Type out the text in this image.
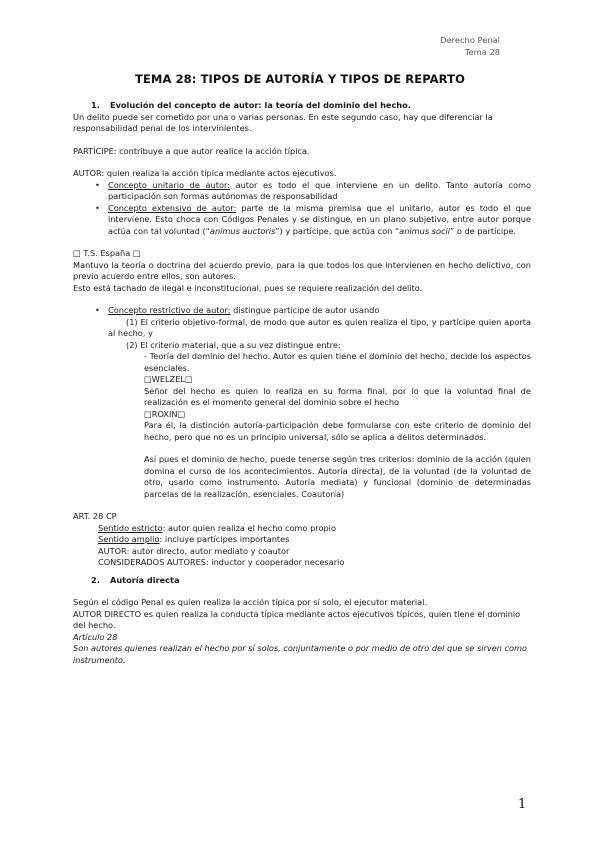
Derecho Penal
Tema 28
TEMA 28: TIPOS DE AUTORÍA Y TIPOS DE REPARTO

1. Evolución del concepto de autor: la teoría del dominio del hecho.

Un delito puede ser cometido por una o varias personas. En este segundo caso, hay que diferenciar la responsabilidad penal de los intervinientes.

PARTÍCIPE: contribuye a que autor realice la acción típica.

AUTOR: quien realiza la acción típica mediante actos ejecutivos.

• Concepto unitario de autor: autor es todo el que interviene en un delito. Tanto autoría como participación son formas autónomas de responsabilidad
• Concepto extensivo de autor: parte de la misma premisa que el unitario, autor es todo el que interviene. Esto choca con Códigos Penales y se distingue, en un plano subjetivo, entre autor porque actúa con tal voluntad (“animus auctoris”) y partícipe, que actúa con “animus socii” o de partícipe.

□ T.S. España □

Mantuvo la teoría o doctrina del acuerdo previo, para la que todos los que intervienen en hecho delictivo, con previo acuerdo entre ellos, son autores.

Esto está tachado de ilegal e inconstitucional, pues se requiere realización del delito.

• Concepto restrictivo de autor: distingue partícipe de autor usando

(1) El criterio objetivo-formal, de modo que autor es quien realiza el tipo, y partícipe quien aporta al hecho, y

(2) El criterio material, que a su vez distingue entre:

- Teoría del dominio del hecho. Autor es quien tiene el dominio del hecho, decide los aspectos esenciales.

□WELZEL□

Señor del hecho es quien lo realiza en su forma final, por lo que la voluntad final de realización es el momento general del dominio sobre el hecho

□ROXIN□

Para él, la distinción autoría-participación debe formularse con este criterio de dominio del hecho, pero que no es un principio universal, sólo se aplica a delitos determinados.

Así pues el dominio de hecho, puede tenerse según tres criterios: dominio de la acción (quien domina el curso de los acontecimientos. Autoría directa), de la voluntad (de la voluntad de otro, usarlo como instrumento. Autoría mediata) y funcional (dominio de determinadas parcelas de la realización, esenciales. Coautoría)

ART. 28 CP

Sentido estricto: autor quien realiza el hecho como propio

Sentido amplio: incluye partícipes importantes

AUTOR: autor directo, autor mediato y coautor

CONSIDERADOS AUTORES: inductor y cooperador necesario

2. Autoría directa

Según el código Penal es quien realiza la acción típica por sí solo, el ejecutor material.

AUTOR DIRECTO es quien realiza la conducta típica mediante actos ejecutivos típicos, quien tiene el dominio del hecho.

Artículo 28

Son autores quienes realizan el hecho por sí solos, conjuntamente o por medio de otro del que se sirven como instrumento.

1
